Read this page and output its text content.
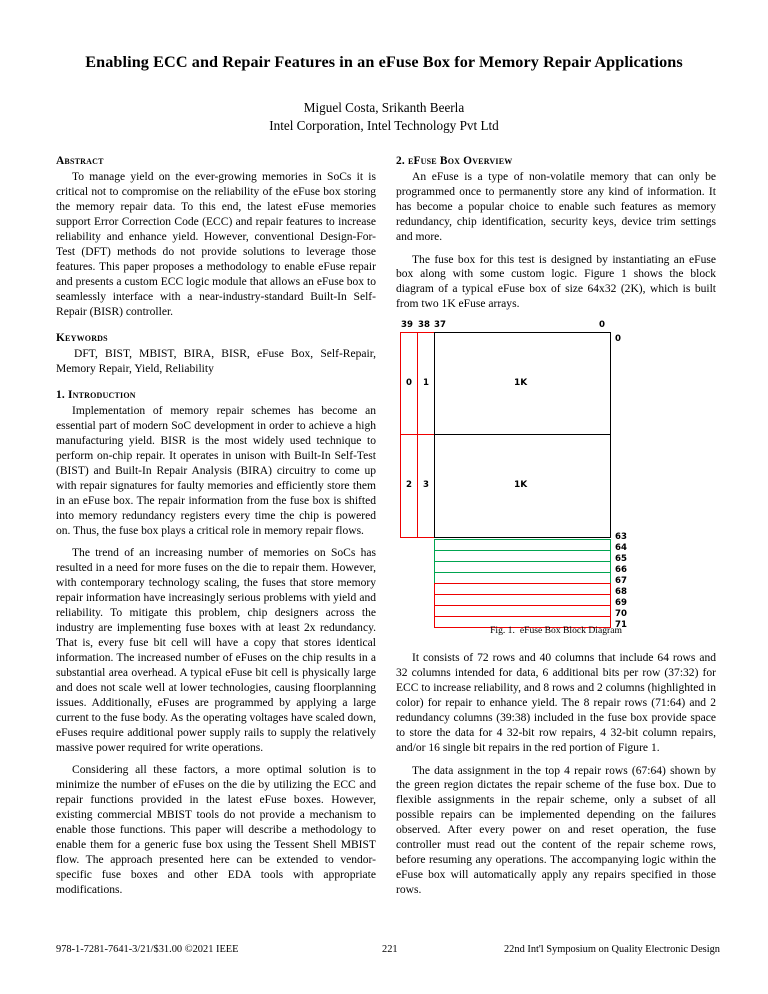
Enabling ECC and Repair Features in an eFuse Box for Memory Repair Applications
Miguel Costa, Srikanth Beerla
Intel Corporation, Intel Technology Pvt Ltd
Abstract

To manage yield on the ever-growing memories in SoCs it is critical not to compromise on the reliability of the eFuse box storing the memory repair data. To this end, the latest eFuse memories support Error Correction Code (ECC) and repair features to increase reliability and enhance yield. However, conventional Design-For-Test (DFT) methods do not provide solutions to leverage those features. This paper proposes a methodology to enable eFuse repair and presents a custom ECC logic module that allows an eFuse box to seamlessly interface with a near-industry-standard Built-In Self-Repair (BISR) controller.

Keywords

DFT, BIST, MBIST, BIRA, BISR, eFuse Box, Self-Repair, Memory Repair, Yield, Reliability

1. Introduction

Implementation of memory repair schemes has become an essential part of modern SoC development in order to achieve a high manufacturing yield. BISR is the most widely used technique to perform on-chip repair. It operates in unison with Built-In Self-Test (BIST) and Built-In Repair Analysis (BIRA) circuitry to come up with repair signatures for faulty memories and efficiently store them in an eFuse box. The repair information from the fuse box is shifted into memory redundancy registers every time the chip is powered on. Thus, the fuse box plays a critical role in memory repair flows.

The trend of an increasing number of memories on SoCs has resulted in a need for more fuses on the die to repair them. However, with contemporary technology scaling, the fuses that store memory repair information have increasingly serious problems with yield and reliability. To mitigate this problem, chip designers across the industry are implementing fuse boxes with at least 2x redundancy. That is, every fuse bit cell will have a copy that stores identical information. The increased number of eFuses on the chip results in a substantial area overhead. A typical eFuse bit cell is physically large and does not scale well at lower technologies, causing floorplanning issues. Additionally, eFuses are programmed by applying a large current to the fuse body. As the operating voltages have scaled down, eFuses require additional power supply rails to supply the relatively massive power required for write operations.

Considering all these factors, a more optimal solution is to minimize the number of eFuses on the die by utilizing the ECC and repair functions provided in the latest eFuse boxes. However, existing commercial MBIST tools do not provide a mechanism to enable those functions. This paper will describe a methodology to enable them for a generic fuse box using the Tessent Shell MBIST flow. The approach presented here can be extended to vendor-specific fuse boxes and other EDA tools with appropriate modifications.

2. eFuse Box Overview

An eFuse is a type of non-volatile memory that can only be programmed once to permanently store any kind of information. It has become a popular choice to enable such features as memory redundancy, chip identification, security keys, device trim settings and more.

The fuse box for this test is designed by instantiating an eFuse box along with some custom logic. Figure 1 shows the block diagram of a typical eFuse box of size 64x32 (2K), which is built from two 1K eFuse arrays.

39 38 37	0
0 1
2 3
1K
1K
0
63
64
65
66
67
68
69
70
71
Fig. 1. eFuse Box Block Diagram

It consists of 72 rows and 40 columns that include 64 rows and 32 columns intended for data, 6 additional bits per row (37:32) for ECC to increase reliability, and 8 rows and 2 columns (highlighted in color) for repair to enhance yield. The 8 repair rows (71:64) and 2 redundancy columns (39:38) included in the fuse box provide space to store the data for 4 32-bit row repairs, 4 32-bit column repairs, and/or 16 single bit repairs in the red portion of Figure 1.

The data assignment in the top 4 repair rows (67:64) shown by the green region dictates the repair scheme of the fuse box. Due to flexible assignments in the repair scheme, only a subset of all possible repairs can be implemented depending on the failures observed. After every power on and reset operation, the fuse controller must read out the content of the repair scheme rows, before resuming any operations. The accompanying logic within the eFuse box will automatically apply any repairs specified in those rows.

978-1-7281-7641-3/21/$31.00 ©2021 IEEE	221	22nd Int'l Symposium on Quality Electronic Design
